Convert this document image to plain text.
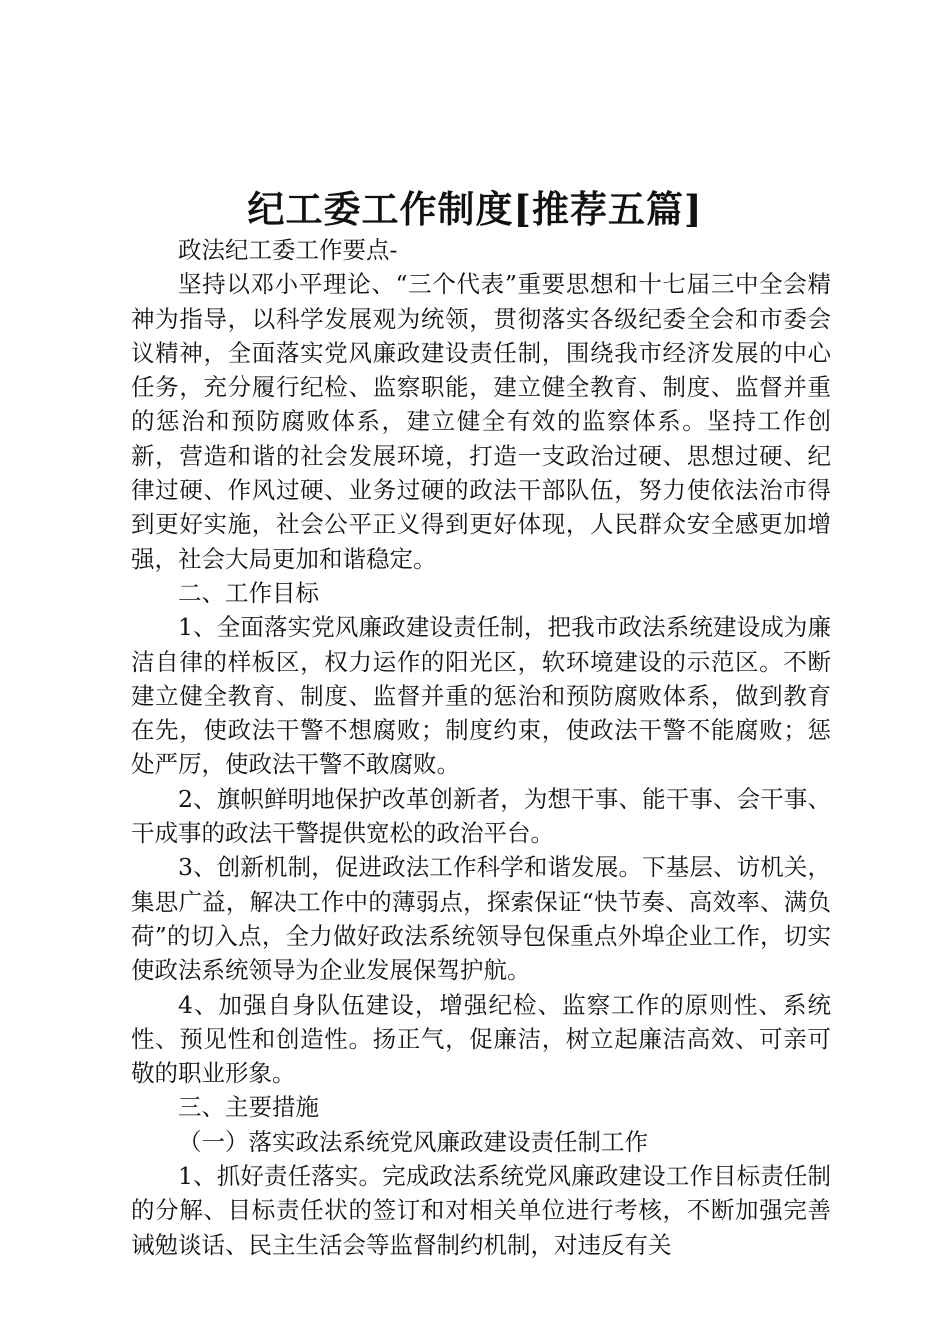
纪工委工作制度[推荐五篇]

政法纪工委工作要点-

坚持以邓小平理论、“三个代表”重要思想和十七届三中全会精神为指导，以科学发展观为统领，贯彻落实各级纪委全会和市委会议精神，全面落实党风廉政建设责任制，围绕我市经济发展的中心任务，充分履行纪检、监察职能，建立健全教育、制度、监督并重的惩治和预防腐败体系，建立健全有效的监察体系。坚持工作创新，营造和谐的社会发展环境，打造一支政治过硬、思想过硬、纪律过硬、作风过硬、业务过硬的政法干部队伍，努力使依法治市得到更好实施，社会公平正义得到更好体现，人民群众安全感更加增强，社会大局更加和谐稳定。

二、工作目标

1、全面落实党风廉政建设责任制，把我市政法系统建设成为廉洁自律的样板区，权力运作的阳光区，软环境建设的示范区。不断建立健全教育、制度、监督并重的惩治和预防腐败体系，做到教育在先，使政法干警不想腐败；制度约束，使政法干警不能腐败；惩处严厉，使政法干警不敢腐败。

2、旗帜鲜明地保护改革创新者，为想干事、能干事、会干事、干成事的政法干警提供宽松的政治平台。

3、创新机制，促进政法工作科学和谐发展。下基层、访机关，集思广益，解决工作中的薄弱点，探索保证“快节奏、高效率、满负荷”的切入点，全力做好政法系统领导包保重点外埠企业工作，切实使政法系统领导为企业发展保驾护航。

4、加强自身队伍建设，增强纪检、监察工作的原则性、系统性、预见性和创造性。扬正气，促廉洁，树立起廉洁高效、可亲可敬的职业形象。

三、主要措施

（一）落实政法系统党风廉政建设责任制工作

1、抓好责任落实。完成政法系统党风廉政建设工作目标责任制的分解、目标责任状的签订和对相关单位进行考核，不断加强完善诫勉谈话、民主生活会等监督制约机制，对违反有关
